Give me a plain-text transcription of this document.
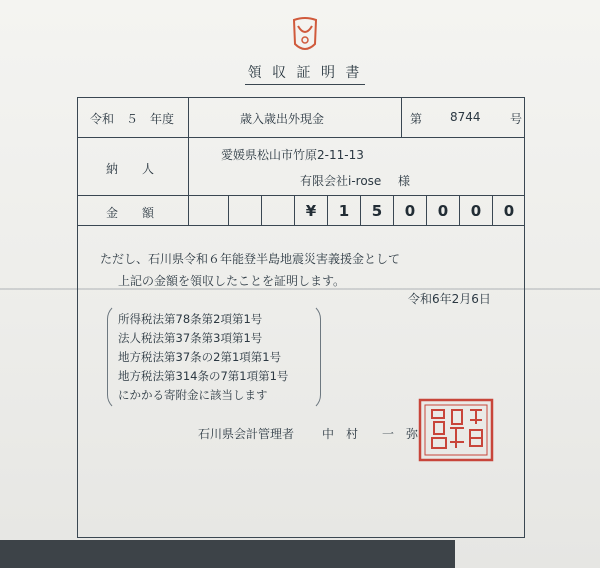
領 収 証 明 書
令和　５　年度	歳入歳出外現金	第 8744 号
納　　人
愛媛県松山市竹原2-11-13
有限会社i-rose 様
金　　額	¥	1	5	0	0	0	0
ただし、石川県令和６年能登半島地震災害義援金として
上記の金額を領収したことを証明します。
令和6年2月6日
所得税法第78条第2項第1号
法人税法第37条第3項第1号
地方税法第37条の2第1項第1号
地方税法第314条の7第1項第1号
にかかる寄附金に該当します
石川県会計管理者 中　村　　一　弥
